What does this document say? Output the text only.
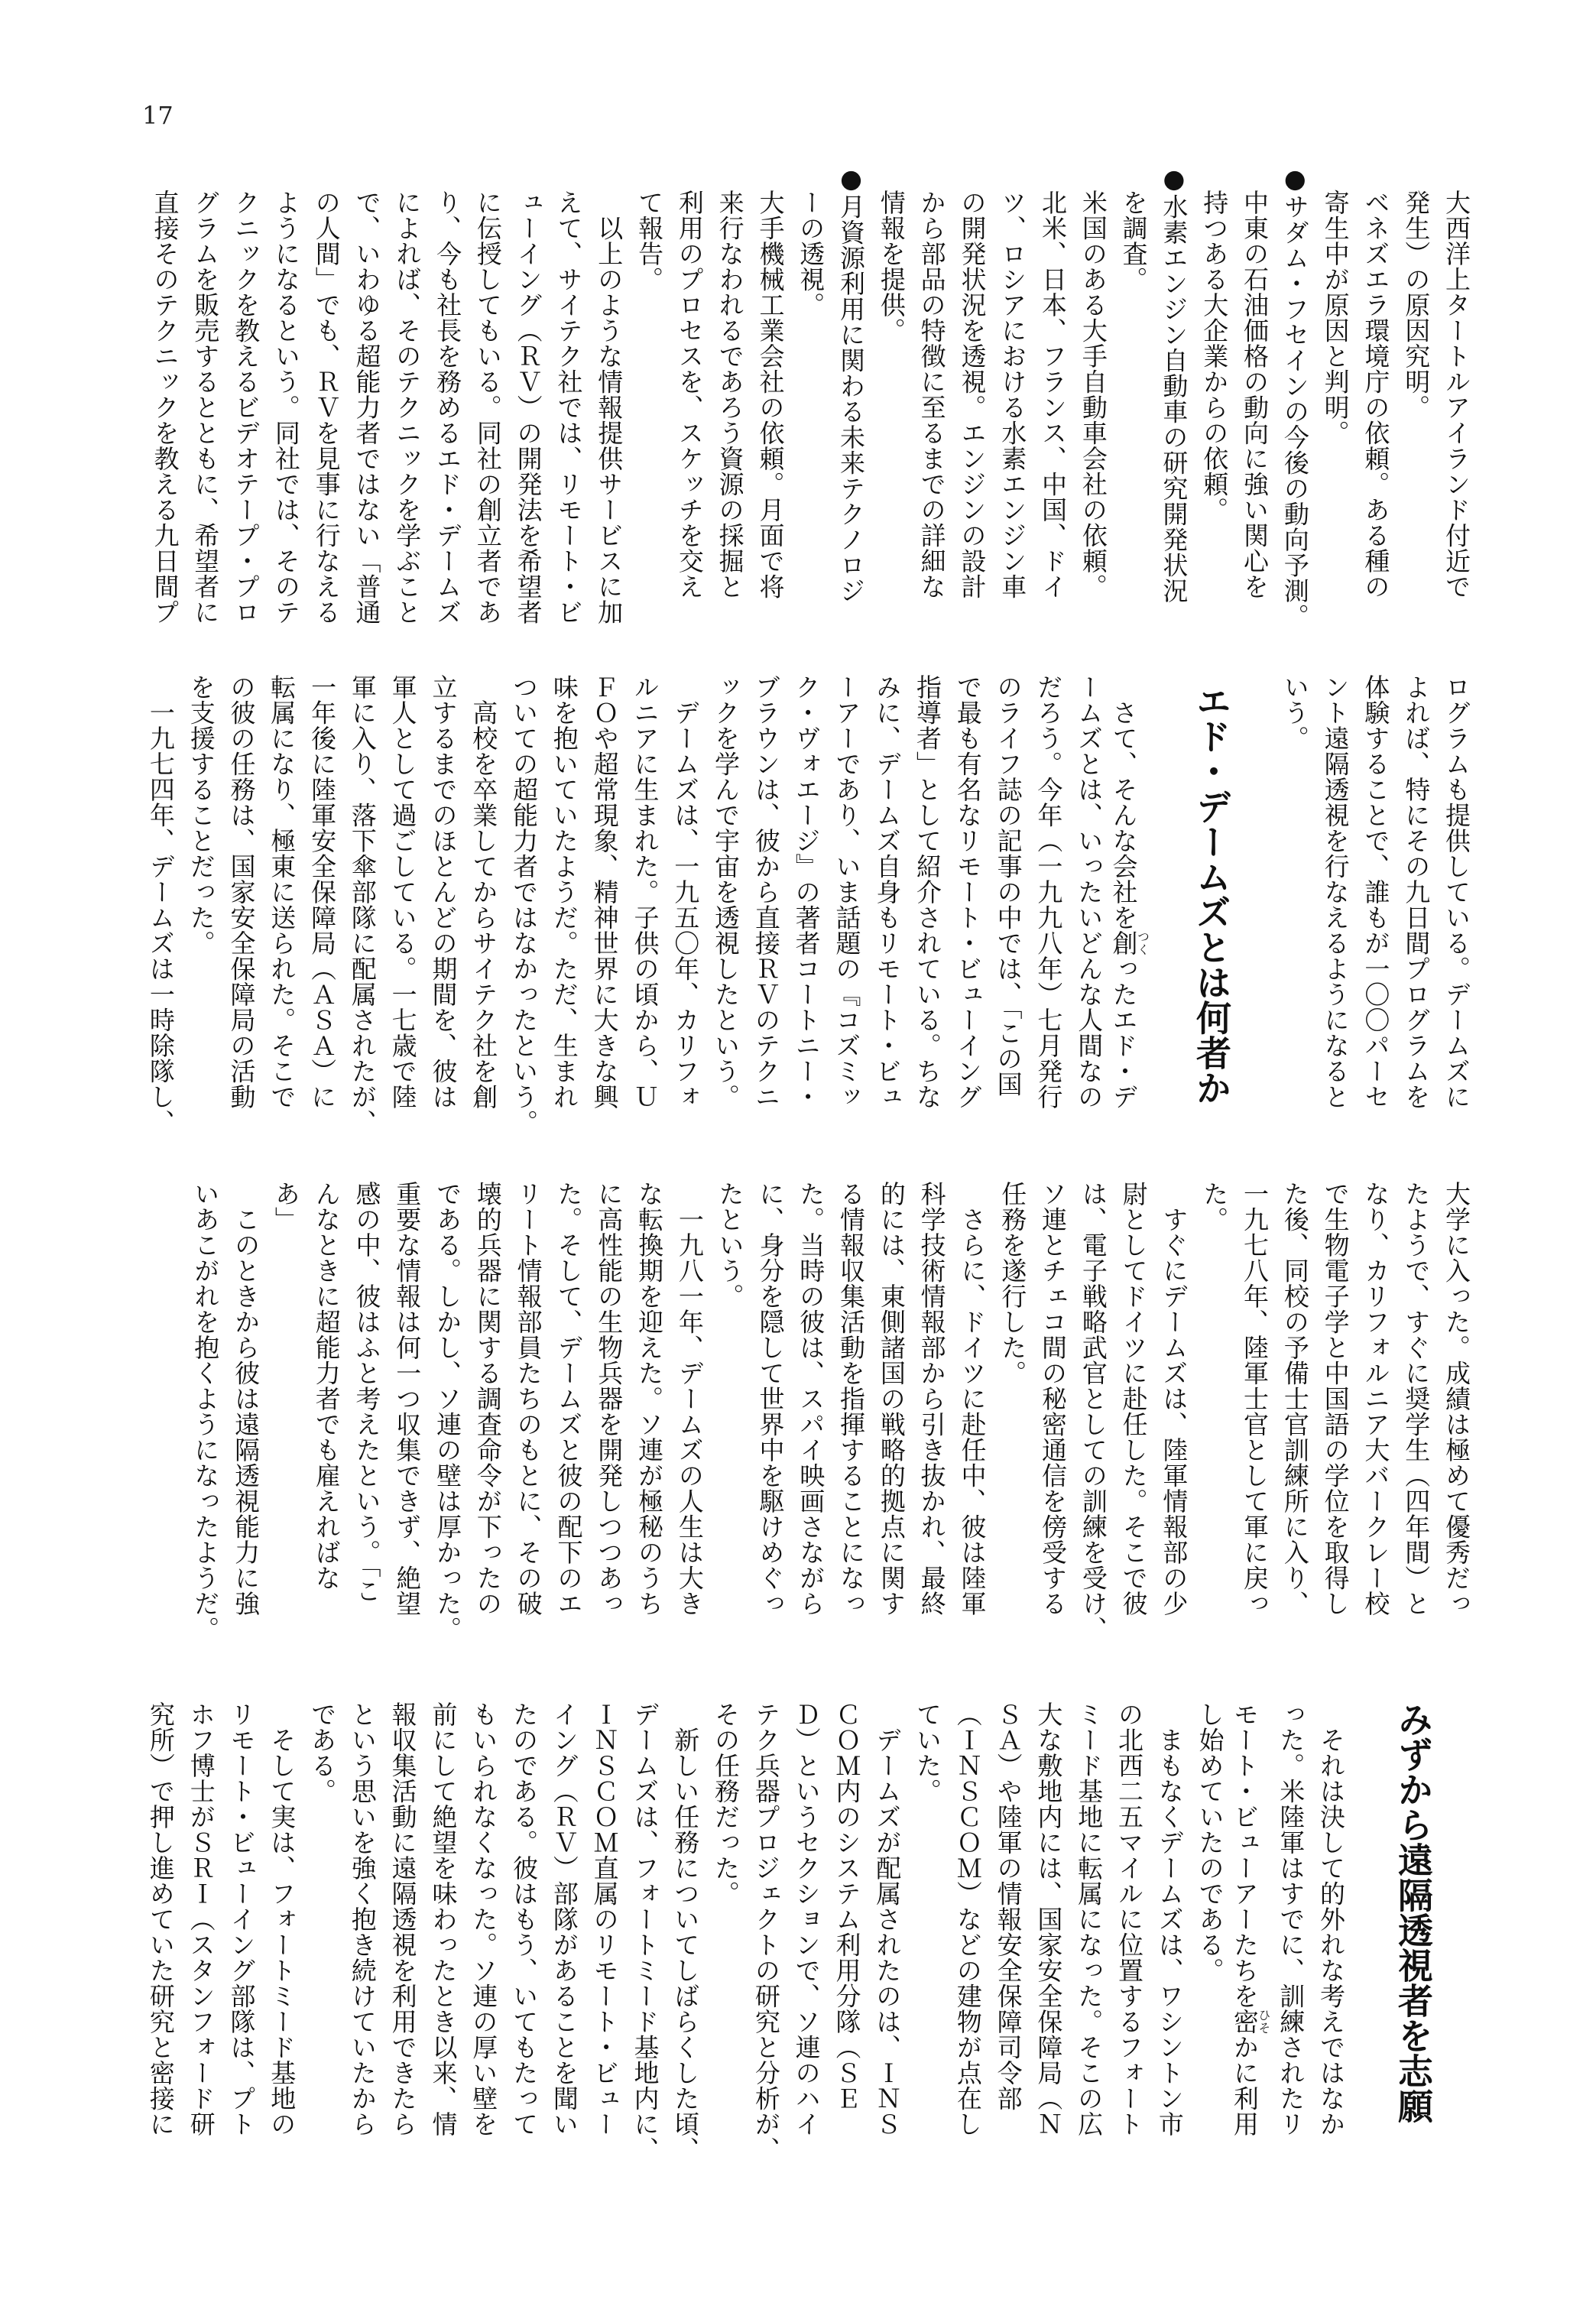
17
大西洋上タートルアイランド付近で
発生）の原因究明。
ベネズエラ環境庁の依頼。ある種の
寄生中が原因と判明。
●サダム・フセインの今後の動向予測。
中東の石油価格の動向に強い関心を
持つある大企業からの依頼。
●水素エンジン自動車の研究開発状況
を調査。
米国のある大手自動車会社の依頼。
北米、日本、フランス、中国、ドイ
ツ、ロシアにおける水素エンジン車
の開発状況を透視。エンジンの設計
から部品の特徴に至るまでの詳細な
情報を提供。
●月資源利用に関わる未来テクノロジ
ーの透視。
大手機械工業会社の依頼。月面で将
来行なわれるであろう資源の採掘と
利用のプロセスを、スケッチを交え
て報告。
　以上のような情報提供サービスに加
えて、サイテク社では、リモート・ビ
ューイング（ＲＶ）の開発法を希望者
に伝授してもいる。同社の創立者であ
り、今も社長を務めるエド・デームズ
によれば、そのテクニックを学ぶこと
で、いわゆる超能力者ではない「普通
の人間」でも、ＲＶを見事に行なえる
ようになるという。同社では、そのテ
クニックを教えるビデオテープ・プロ
グラムを販売するとともに、希望者に
直接そのテクニックを教える九日間プ
ログラムも提供している。デームズに
よれば、特にその九日間プログラムを
体験することで、誰もが一〇〇パーセ
ント遠隔透視を行なえるようになると
いう。
エド・デームズとは何者か
　さて、そんな会社を創つくったエド・デ
ームズとは、いったいどんな人間なの
だろう。今年（一九九八年）七月発行
のライフ誌の記事の中では、「この国
で最も有名なリモート・ビューイング
指導者」として紹介されている。ちな
みに、デームズ自身もリモート・ビュ
ーアーであり、いま話題の『コズミッ
ク・ヴォエージ』の著者コートニー・
ブラウンは、彼から直接ＲＶのテクニ
ックを学んで宇宙を透視したという。
　デームズは、一九五〇年、カリフォ
ルニアに生まれた。子供の頃から、Ｕ
ＦＯや超常現象、精神世界に大きな興
味を抱いていたようだ。ただ、生まれ
ついての超能力者ではなかったという。
　高校を卒業してからサイテク社を創
立するまでのほとんどの期間を、彼は
軍人として過ごしている。一七歳で陸
軍に入り、落下傘部隊に配属されたが、
一年後に陸軍安全保障局（ＡＳＡ）に
転属になり、極東に送られた。そこで
の彼の任務は、国家安全保障局の活動
を支援することだった。
　一九七四年、デームズは一時除隊し、
大学に入った。成績は極めて優秀だっ
たようで、すぐに奨学生（四年間）と
なり、カリフォルニア大バークレー校
で生物電子学と中国語の学位を取得し
た後、同校の予備士官訓練所に入り、
一九七八年、陸軍士官として軍に戻っ
た。
　すぐにデームズは、陸軍情報部の少
尉としてドイツに赴任した。そこで彼
は、電子戦略武官としての訓練を受け、
ソ連とチェコ間の秘密通信を傍受する
任務を遂行した。
　さらに、ドイツに赴任中、彼は陸軍
科学技術情報部から引き抜かれ、最終
的には、東側諸国の戦略的拠点に関す
る情報収集活動を指揮することになっ
た。当時の彼は、スパイ映画さながら
に、身分を隠して世界中を駆けめぐっ
たという。
　一九八一年、デームズの人生は大き
な転換期を迎えた。ソ連が極秘のうち
に高性能の生物兵器を開発しつつあっ
た。そして、デームズと彼の配下のエ
リート情報部員たちのもとに、その破
壊的兵器に関する調査命令が下ったの
である。しかし、ソ連の壁は厚かった。
重要な情報は何一つ収集できず、絶望
感の中、彼はふと考えたという。「こ
んなときに超能力者でも雇えればな
あ」
　このときから彼は遠隔透視能力に強
いあこがれを抱くようになったようだ。
みずから遠隔透視者を志願
　それは決して的外れな考えではなか
った。米陸軍はすでに、訓練されたリ
モート・ビューアーたちを密ひそかに利用
し始めていたのである。
　まもなくデームズは、ワシントン市
の北西二五マイルに位置するフォート
ミード基地に転属になった。そこの広
大な敷地内には、国家安全保障局（Ｎ
ＳＡ）や陸軍の情報安全保障司令部
（ＩＮＳＣＯＭ）などの建物が点在し
ていた。
　デームズが配属されたのは、ＩＮＳ
ＣＯＭ内のシステム利用分隊（ＳＥ
Ｄ）というセクションで、ソ連のハイ
テク兵器プロジェクトの研究と分析が、
その任務だった。
　新しい任務についてしばらくした頃、
デームズは、フォートミード基地内に、
ＩＮＳＣＯＭ直属のリモート・ビュー
イング（ＲＶ）部隊があることを聞い
たのである。彼はもう、いてもたって
もいられなくなった。ソ連の厚い壁を
前にして絶望を味わったとき以来、情
報収集活動に遠隔透視を利用できたら
という思いを強く抱き続けていたから
である。
　そして実は、フォートミード基地の
リモート・ビューイング部隊は、プト
ホフ博士がＳＲＩ（スタンフォード研
究所）で押し進めていた研究と密接に
